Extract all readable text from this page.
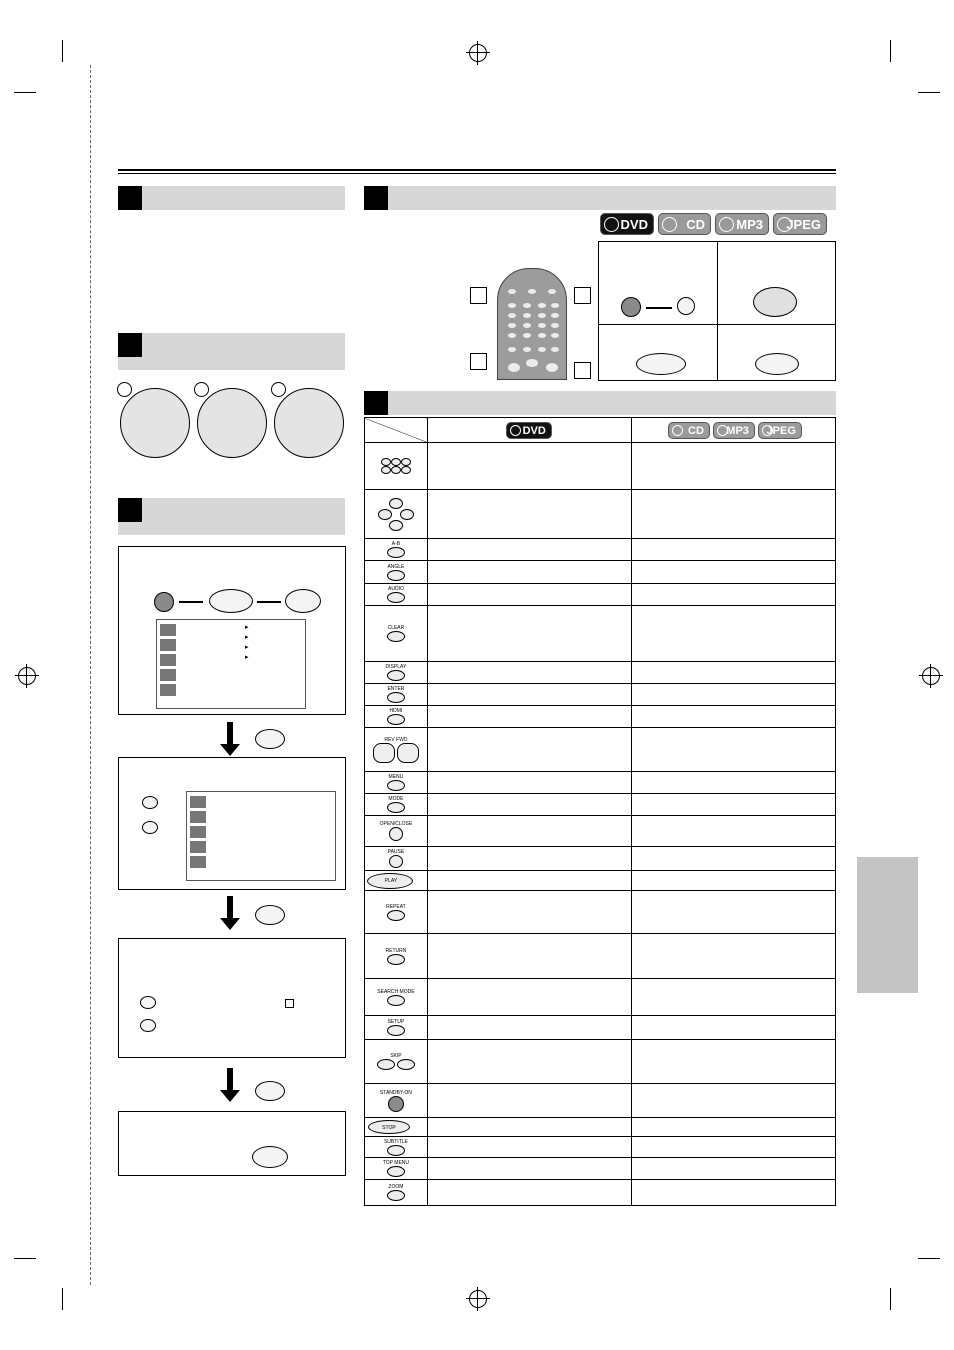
▸
▸
▸
▸
DVD	CD	MP3	JPEG

DVD	CD MP3 JPEG

A-B		

ANGLE		

AUDIO		

CLEAR		

DISPLAY		

ENTER		

HDMI		

REV FWD		

MENU		

MODE		

OPEN/CLOSE		

PAUSE		

PLAY		

REPEAT		

RETURN		

SEARCH MODE		

SETUP		

SKIP		

STANDBY-ON		

STOP		

SUBTITLE		

TOP MENU		

ZOOM		
